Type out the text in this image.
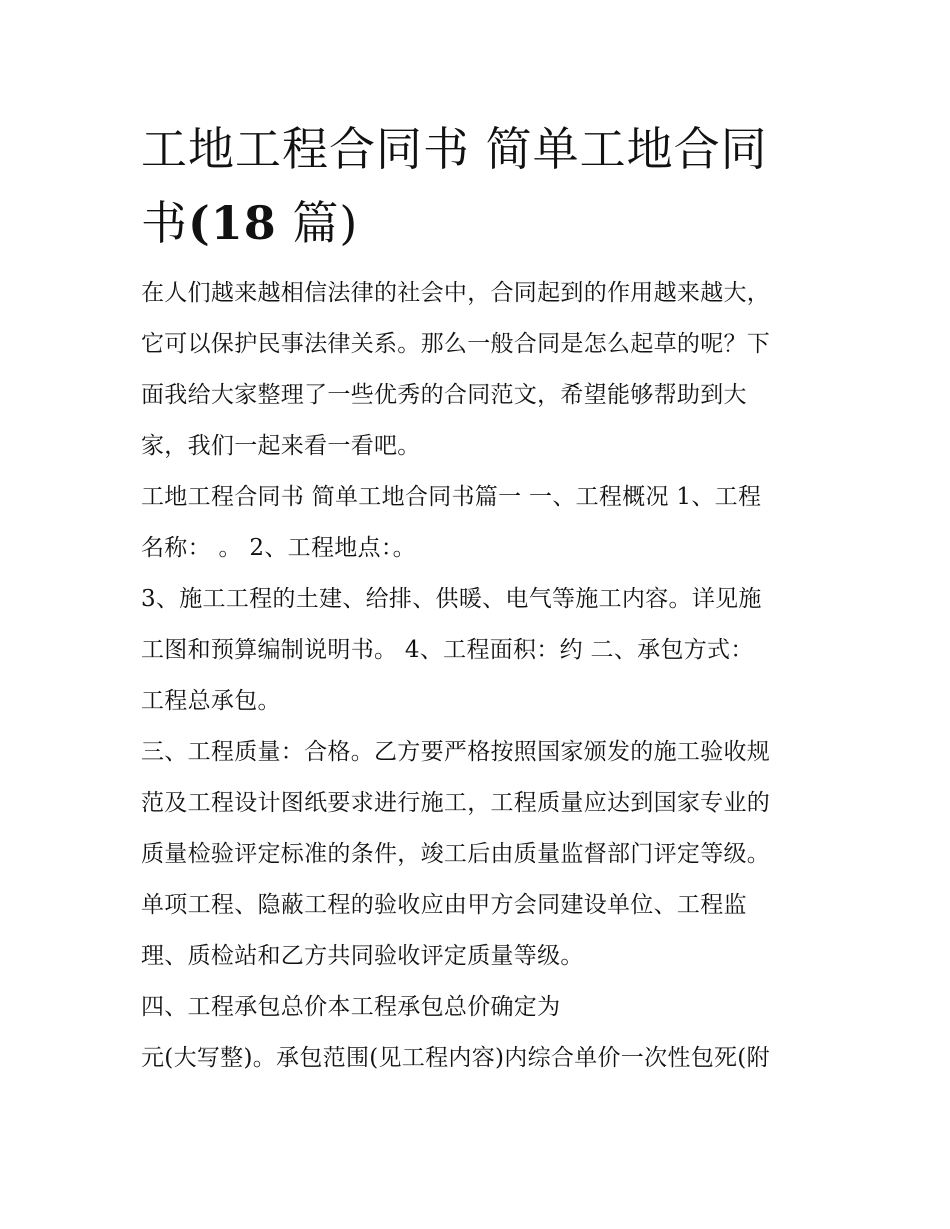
工地工程合同书 简单工地合同
书(18 篇)

在人们越来越相信法律的社会中，合同起到的作用越来越大，
它可以保护民事法律关系。那么一般合同是怎么起草的呢？下
面我给大家整理了一些优秀的合同范文，希望能够帮助到大
家，我们一起来看一看吧。

工地工程合同书 简单工地合同书篇一 一、工程概况 1、工程
名称： 。 2、工程地点：。

3、施工工程的土建、给排、供暖、电气等施工内容。详见施
工图和预算编制说明书。 4、工程面积：约 二、承包方式：
工程总承包。

三、工程质量：合格。乙方要严格按照国家颁发的施工验收规
范及工程设计图纸要求进行施工，工程质量应达到国家专业的
质量检验评定标准的条件，竣工后由质量监督部门评定等级。
单项工程、隐蔽工程的验收应由甲方会同建设单位、工程监
理、质检站和乙方共同验收评定质量等级。

四、工程承包总价本工程承包总价确定为

元(大写整)。承包范围(见工程内容)内综合单价一次性包死(附
